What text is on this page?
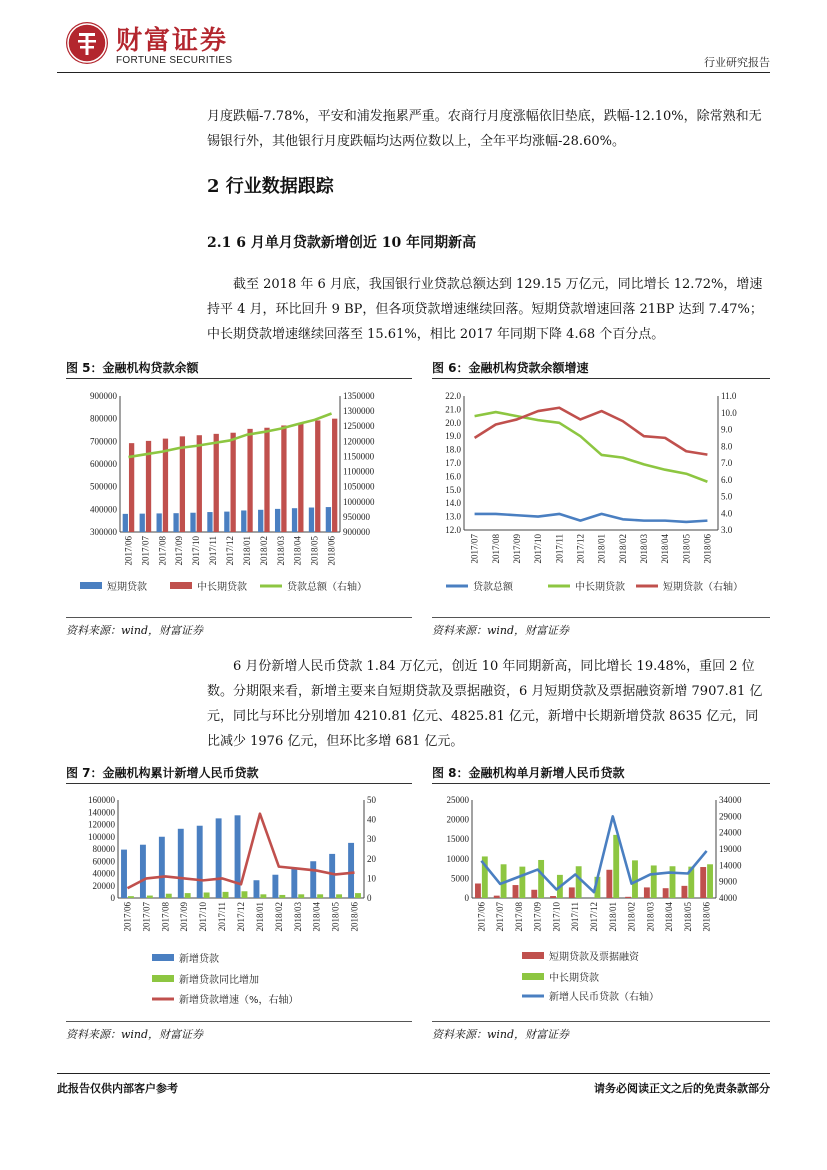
财富证券
FORTUNE SECURITIES	行业研究报告
月度跌幅-7.78%，平安和浦发拖累严重。农商行月度涨幅依旧垫底，跌幅-12.10%，除常熟和无锡银行外，其他银行月度跌幅均达两位数以上，全年平均涨幅-28.60%。
2 行业数据跟踪
2.1 6 月单月贷款新增创近 10 年同期新高
截至 2018 年 6 月底，我国银行业贷款总额达到 129.15 万亿元，同比增长 12.72%，增速持平 4 月，环比回升 9 BP，但各项贷款增速继续回落。短期贷款增速回落 21BP 达到 7.47%；中长期贷款增速继续回落至 15.61%，相比 2017 年同期下降 4.68 个百分点。
图 5：金融机构贷款余额	图 6：金融机构贷款余额增速
900000
800000
700000
600000
500000
400000
300000
1350000
1300000
1250000
1200000
1150000
1100000
1050000
1000000
950000
900000
2017/06 2017/07 2017/08 2017/09 2017/10 2017/11 2017/12 2018/01 2018/02 2018/03 2018/04 2018/05 2018/06
短期贷款	中长期贷款	贷款总额（右轴）
22.0
21.0
20.0
19.0
18.0
17.0
16.0
15.0
14.0
13.0
12.0
11.0
10.0
9.0
8.0
7.0
6.0
5.0
4.0
3.0
2017/07 2017/08 2017/09 2017/10 2017/11 2017/12 2018/01 2018/02 2018/03 2018/04 2018/05 2018/06
贷款总额	中长期贷款	短期贷款（右轴）
资料来源：wind，财富证券	资料来源：wind，财富证券
6 月份新增人民币贷款 1.84 万亿元，创近 10 年同期新高，同比增长 19.48%，重回 2 位数。分期限来看，新增主要来自短期贷款及票据融资，6 月短期贷款及票据融资新增 7907.81 亿元，同比与环比分别增加 4210.81 亿元、4825.81 亿元，新增中长期新增贷款 8635 亿元，同比减少 1976 亿元，但环比多增 681 亿元。
图 7：金融机构累计新增人民币贷款	图 8：金融机构单月新增人民币贷款
160000
140000
120000
100000
80000
60000
40000
20000
0
50
40
30
20
10
0
2017/06 2017/07 2017/08 2017/09 2017/10 2017/11 2017/12 2018/01 2018/02 2018/03 2018/04 2018/05 2018/06
新增贷款
新增贷款同比增加
新增贷款增速（%，右轴）
25000
20000
15000
10000
5000
0
34000
29000
24000
19000
14000
9000
4000
2017/06 2017/07 2017/08 2017/09 2017/10 2017/11 2017/12 2018/01 2018/02 2018/03 2018/04 2018/05 2018/06
短期贷款及票据融资
中长期贷款
新增人民币贷款（右轴）
资料来源：wind，财富证券	资料来源：wind，财富证券
此报告仅供内部客户参考	请务必阅读正文之后的免责条款部分
